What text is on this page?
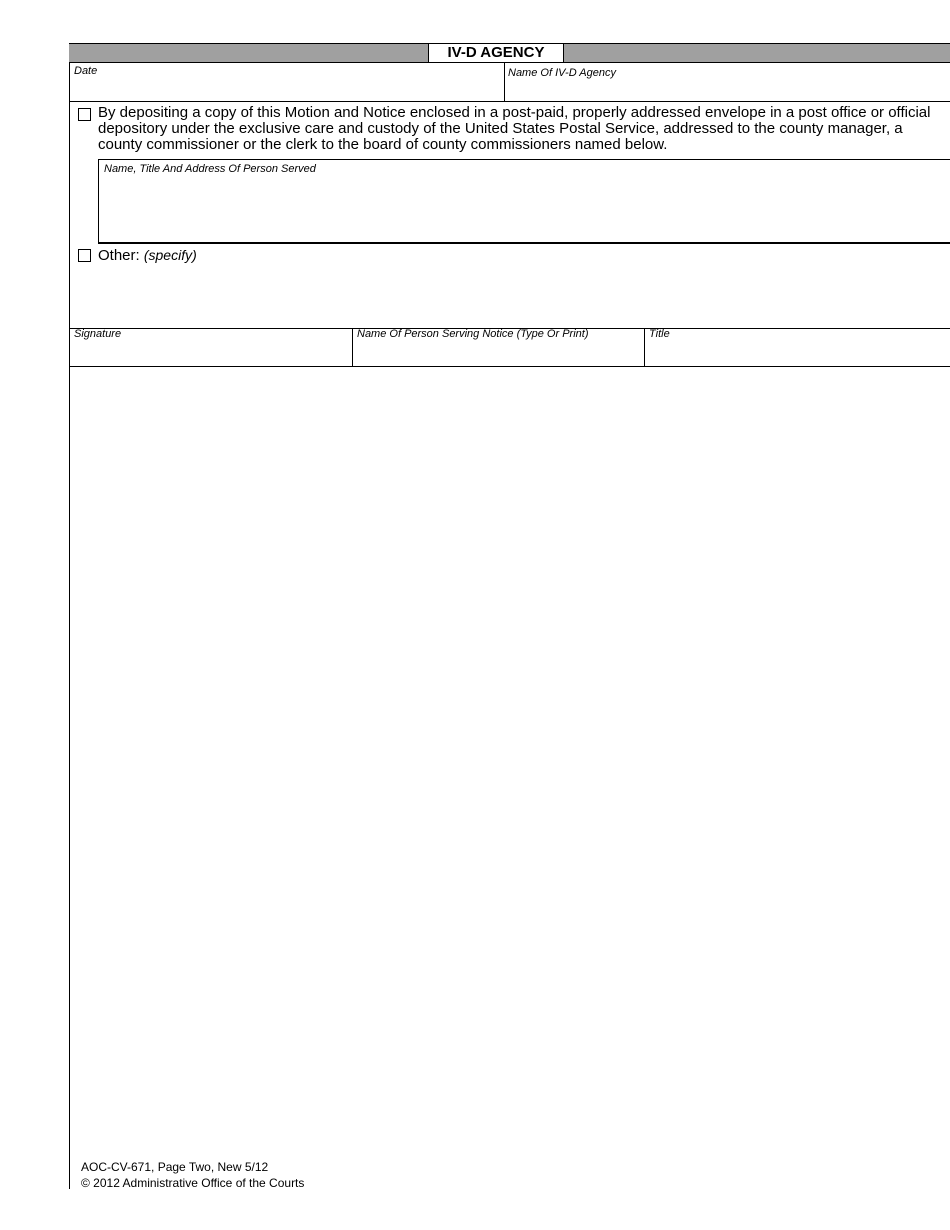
IV-D AGENCY
Date	Name Of IV-D Agency
By depositing a copy of this Motion and Notice enclosed in a post-paid, properly addressed envelope in a post office or official depository under the exclusive care and custody of the United States Postal Service, addressed to the county manager, a county commissioner or the clerk to the board of county commissioners named below.
Name, Title And Address Of Person Served
Other: (specify)
Signature	Name Of Person Serving Notice (Type Or Print)	Title
AOC-CV-671, Page Two, New 5/12
© 2012 Administrative Office of the Courts
